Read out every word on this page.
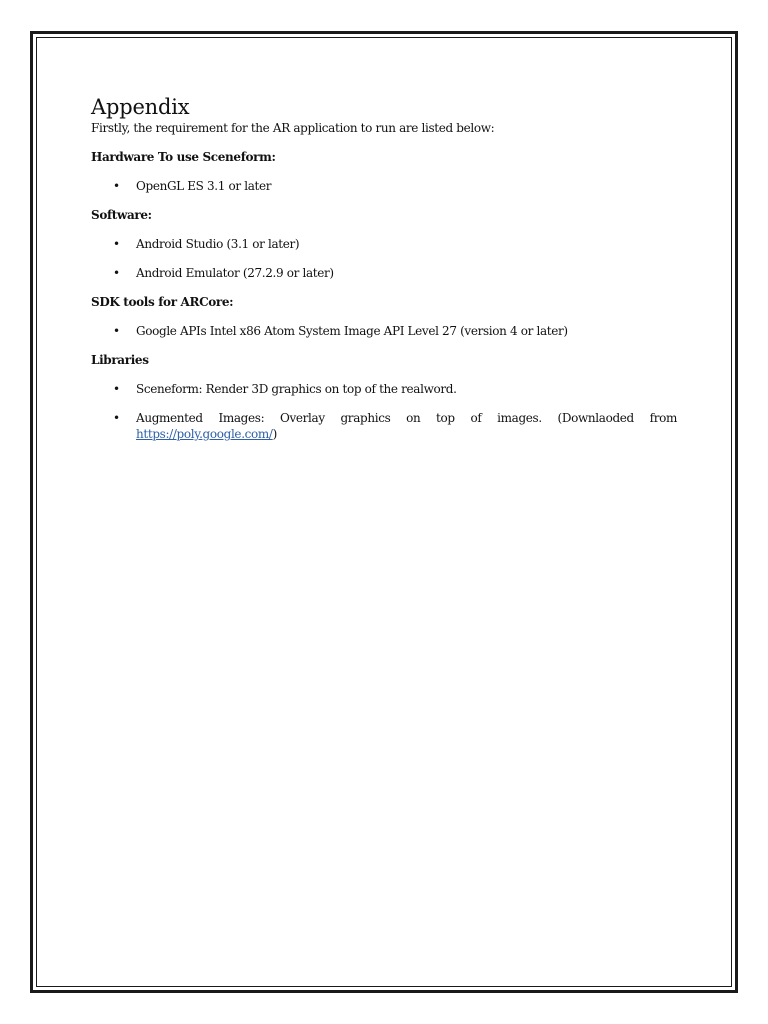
Appendix

Firstly, the requirement for the AR application to run are listed below:

Hardware To use Sceneform:

• OpenGL ES 3.1 or later

Software:

• Android Studio (3.1 or later)
• Android Emulator (27.2.9 or later)

SDK tools for ARCore:

• Google APIs Intel x86 Atom System Image API Level 27 (version 4 or later)

Libraries

• Sceneform: Render 3D graphics on top of the realword.
• Augmented Images: Overlay graphics on top of images. (Downlaoded from https://poly.google.com/)
